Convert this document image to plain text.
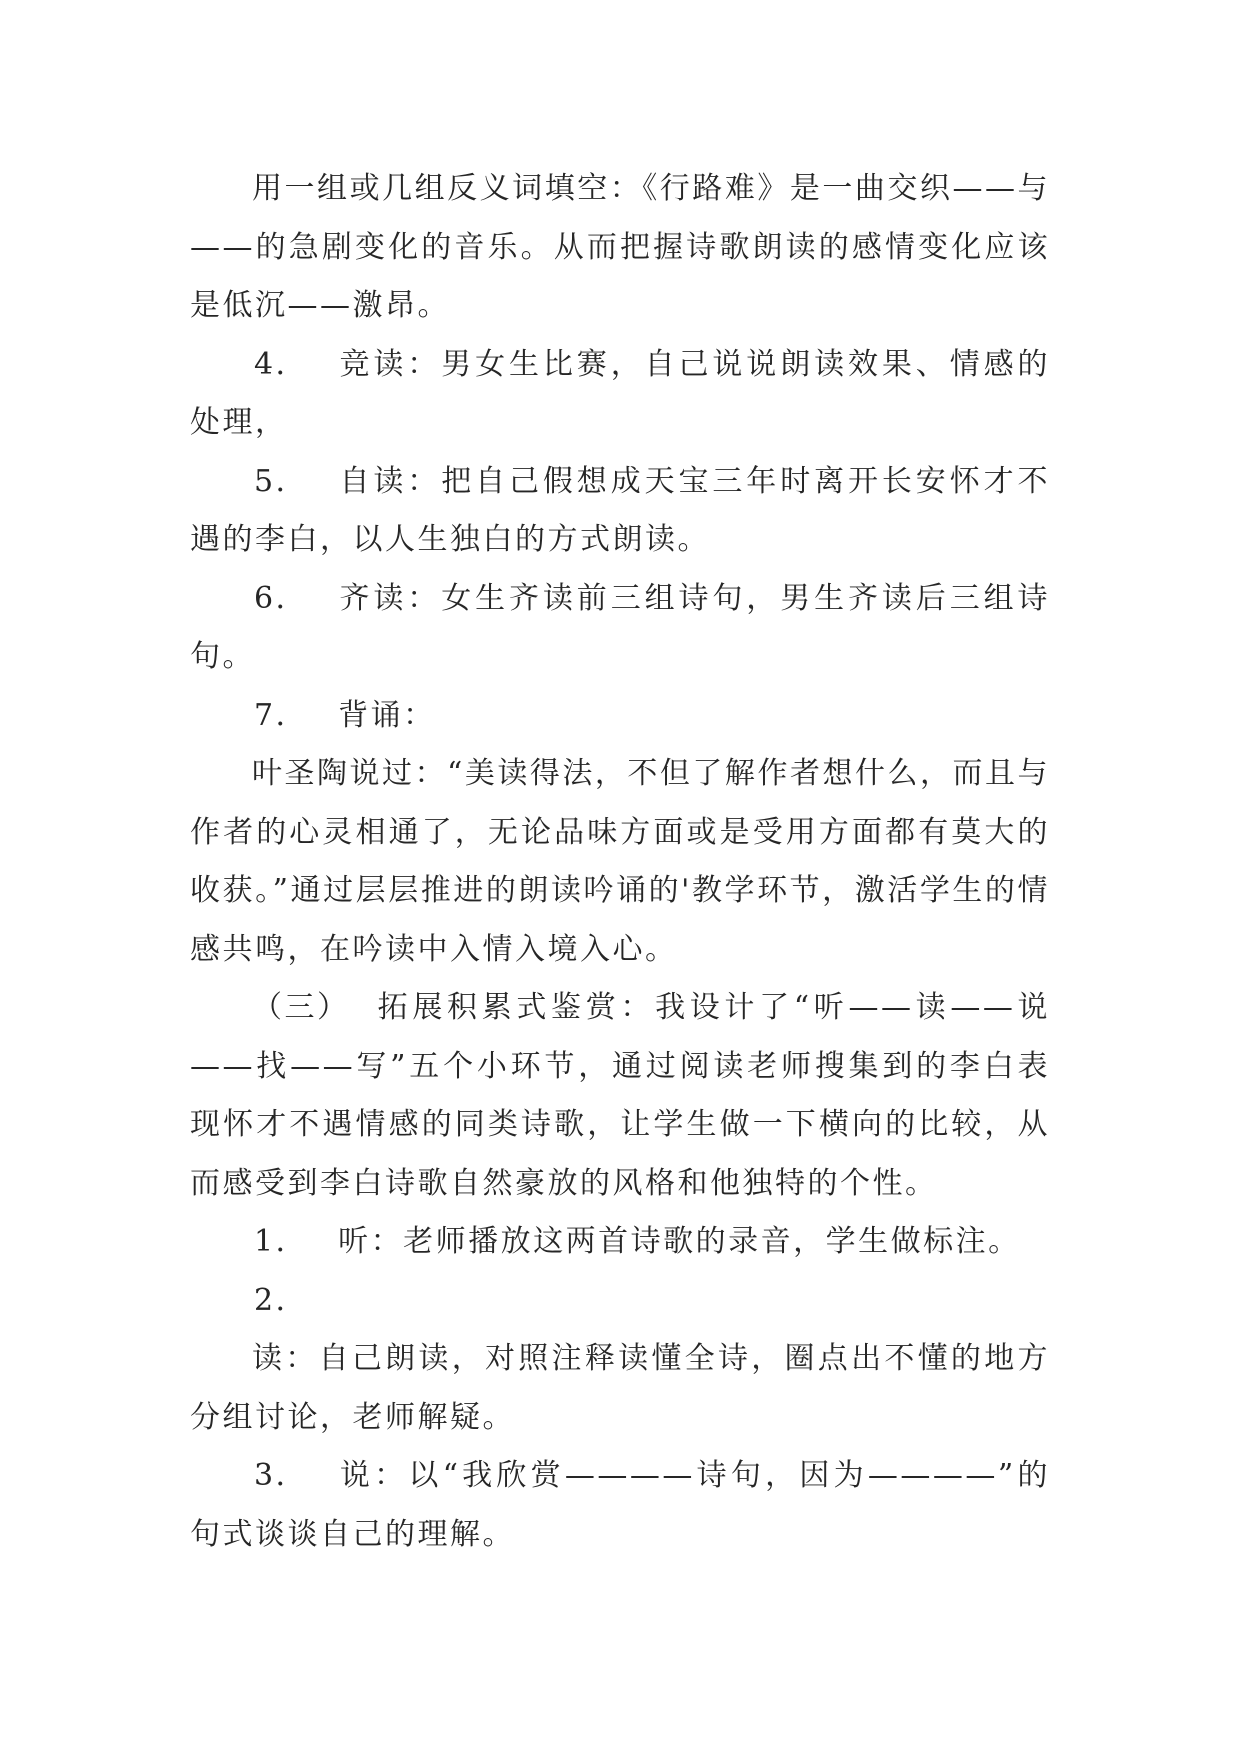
用一组或几组反义词填空：《行路难》是一曲交织——与——的急剧变化的音乐。从而把握诗歌朗读的感情变化应该是低沉——激昂。

4． 竞读：男女生比赛，自己说说朗读效果、情感的处理，

5． 自读：把自己假想成天宝三年时离开长安怀才不遇的李白，以人生独白的方式朗读。

6． 齐读：女生齐读前三组诗句，男生齐读后三组诗句。

7． 背诵：

叶圣陶说过：“美读得法，不但了解作者想什么，而且与作者的心灵相通了，无论品味方面或是受用方面都有莫大的收获。”通过层层推进的朗读吟诵的'教学环节，激活学生的情感共鸣，在吟读中入情入境入心。

（三） 拓展积累式鉴赏：我设计了“听——读——说——找——写”五个小环节，通过阅读老师搜集到的李白表现怀才不遇情感的同类诗歌，让学生做一下横向的比较，从而感受到李白诗歌自然豪放的风格和他独特的个性。

1． 听：老师播放这两首诗歌的录音，学生做标注。

2．

读：自己朗读，对照注释读懂全诗，圈点出不懂的地方分组讨论，老师解疑。

3． 说：以“我欣赏————诗句，因为————”的句式谈谈自己的理解。
